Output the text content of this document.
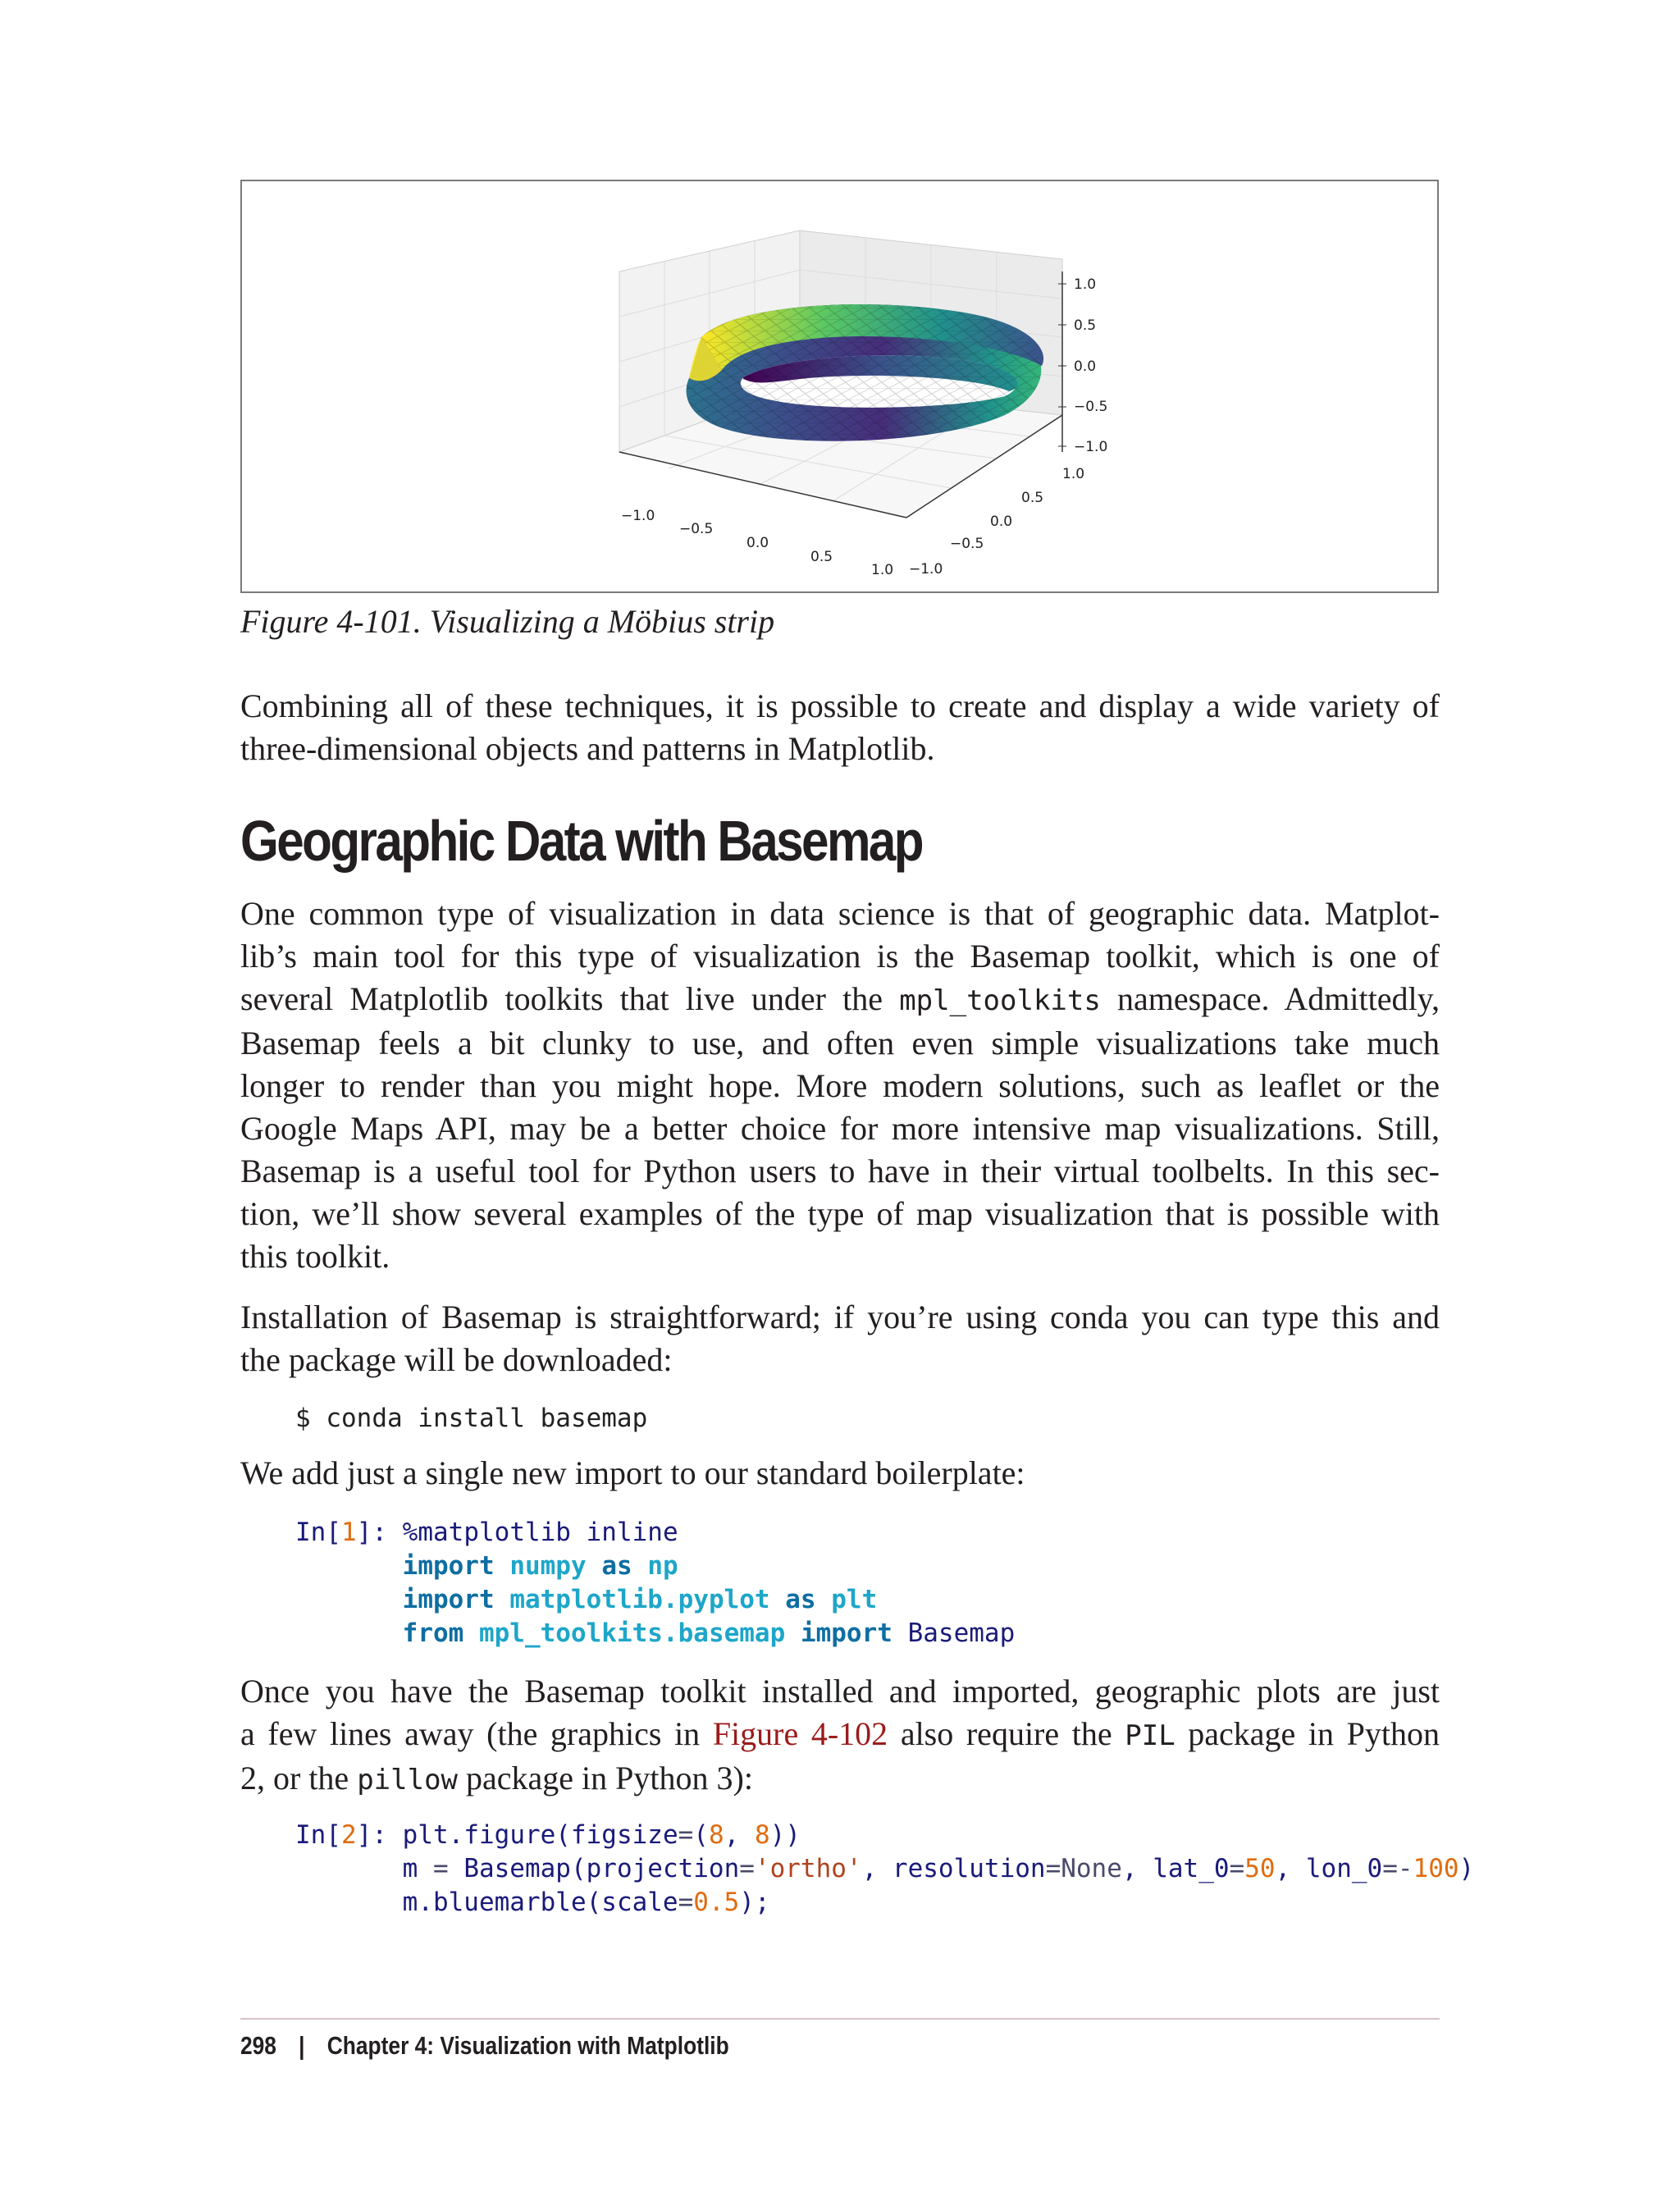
1.0
0.5
0.0
−0.5
−1.0
−1.0
−0.5
0.0
0.5
1.0
1.0
0.5
0.0
−0.5
−1.0
Figure 4-101. Visualizing a Möbius strip

Combining all of these techniques, it is possible to create and display a wide variety of
three-dimensional objects and patterns in Matplotlib.

Geographic Data with Basemap

One common type of visualization in data science is that of geographic data. Matplot-
lib’s main tool for this type of visualization is the Basemap toolkit, which is one of
several Matplotlib toolkits that live under the mpl_toolkits namespace. Admittedly,
Basemap feels a bit clunky to use, and often even simple visualizations take much
longer to render than you might hope. More modern solutions, such as leaflet or the
Google Maps API, may be a better choice for more intensive map visualizations. Still,
Basemap is a useful tool for Python users to have in their virtual toolbelts. In this sec-
tion, we’ll show several examples of the type of map visualization that is possible with
this toolkit.

Installation of Basemap is straightforward; if you’re using conda you can type this and
the package will be downloaded:

$ conda install basemap

We add just a single new import to our standard boilerplate:

In[1]: %matplotlib inline
import numpy as np
import matplotlib.pyplot as plt
from mpl_toolkits.basemap import Basemap

Once you have the Basemap toolkit installed and imported, geographic plots are just
a few lines away (the graphics in Figure 4-102 also require the PIL package in Python
2, or the pillow package in Python 3):

In[2]: plt.figure(figsize=(8, 8))
m = Basemap(projection='ortho', resolution=None, lat_0=50, lon_0=-100)
m.bluemarble(scale=0.5);
298 | Chapter 4: Visualization with Matplotlib
